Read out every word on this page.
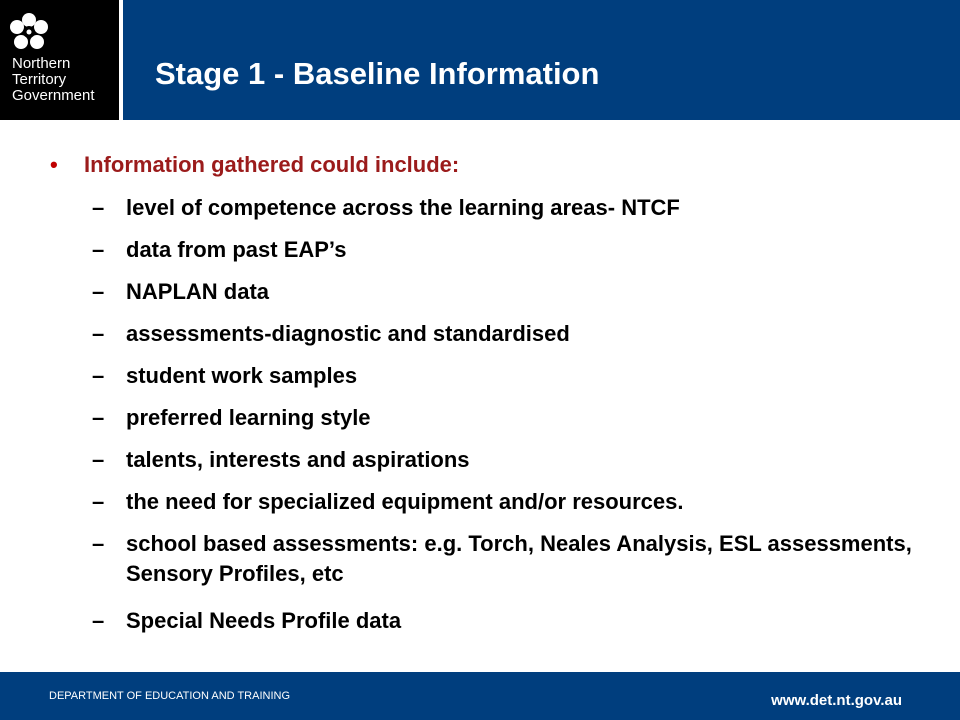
Northern
Territory
Government
Stage 1 - Baseline Information
• Information gathered could include:
– level of competence across the learning areas- NTCF
– data from past EAP’s
– NAPLAN data
– assessments-diagnostic and standardised
– student work samples
– preferred learning style
– talents, interests and aspirations
– the need for specialized equipment and/or resources.
– school based assessments: e.g. Torch, Neales Analysis, ESL assessments, Sensory Profiles, etc
– Special Needs Profile data
DEPARTMENT OF EDUCATION AND TRAINING	www.det.nt.gov.au
